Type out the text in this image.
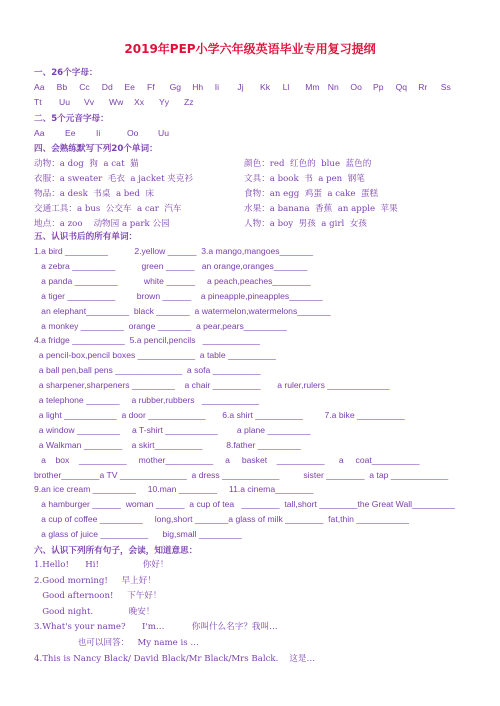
2019年PEP小学六年级英语毕业专用复习提纲
一、26个字母：
Aa Bb Cc Dd Ee Ff Gg Hh Ii Jj Kk Ll Mm Nn Oo Pp Qq Rr Ss
Tt Uu Vv Ww Xx Yy Zz
二、5个元音字母：
Aa Ee Ii	Oo Uu
四、会熟练默写下列20个单词：
动物：a dog  狗  a cat  猫	颜色：red  红色的  blue  蓝色的
衣服：a sweater  毛衣  a jacket 夹克衫	文具：a book  书  a pen  钢笔
物品：a desk  书桌  a bed  床	食物：an egg  鸡蛋  a cake  蛋糕
交通工具：a bus  公交车  a car  汽车	水果：a banana  香蕉  an apple  苹果
地点：a zoo    动物园 a park 公园	人物：a boy  男孩  a girl  女孩
五、认识书后的所有单词：
1.a bird _________           2.yellow ______  3.a mango,mangoes_______
a zebra _________           green ______   an orange,oranges_______
a panda _________           white ______     a peach,peaches________
a tiger __________         brown ______    a pineapple,pineapples_______
an elephant_________  black _______  a watermelon,watermelons_______
a monkey _________  orange _______  a pear,pears_________
4.a fridge ___________  5.a pencil,pencils   ____________
a pencil-box,pencil boxes ____________  a table __________
a ball pen,ball pens ______________  a sofa __________
a sharpener,sharpeners _________    a chair __________       a ruler,rulers _____________
a telephone _______     a rubber,rubbers   ____________
a light ___________  a door ____________       6.a shirt __________         7.a bike __________
a window _________     a T-shirt ___________        a plane _________
a Walkman ________    a skirt__________          8.father _________
a    box    __________     mother__________     a     basket    __________      a     coat__________
brother________a TV ______________  a dress ____________          sister ________  a tap ____________
9.an ice cream _________     10.man ________     11.a cinema________
a hamburger ______  woman ______  a cup of tea   ________  tall,short ________the Great Wall_________
a cup of coffee _________     long,short _______a glass of milk ________  fat,thin ___________
a glass of juice __________      big,small _________
六、认识下列所有句子，会读，知道意思：
1.Hello!      Hi!                你好！
2.Good morning!     早上好！
Good afternoon!     下午好！
Good night.             晚安！
3.What's your name?      I'm…          你叫什么名字？我叫…
也可以回答：   My name is …
4.This is Nancy Black/ David Black/Mr Black/Mrs Balck.    这是…
